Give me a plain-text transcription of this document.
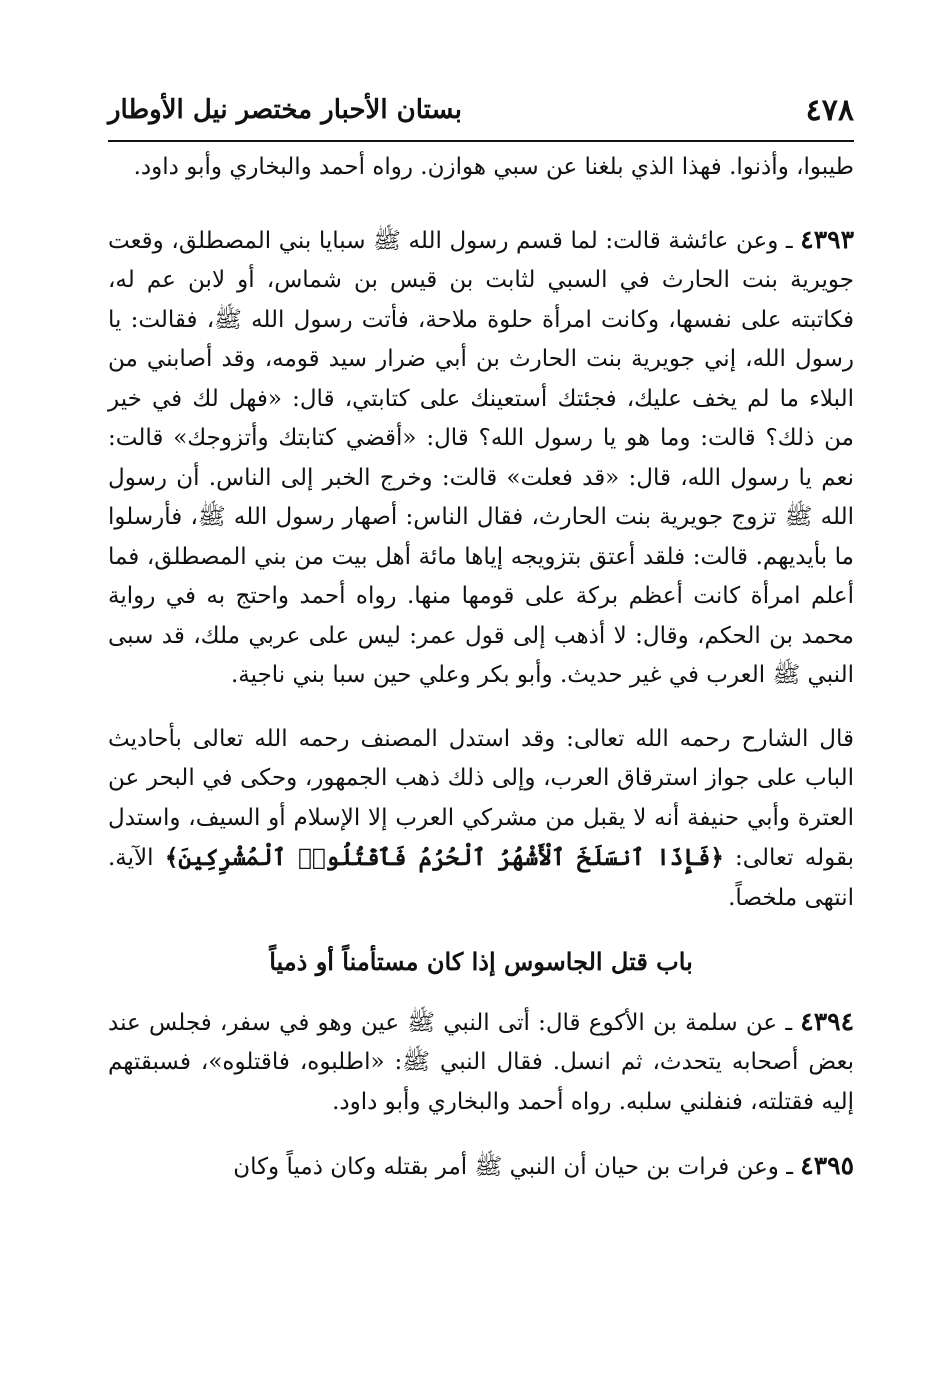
٤٧٨
بستان الأحبار مختصر نيل الأوطار

طيبوا، وأذنوا. فهذا الذي بلغنا عن سبي هوازن. رواه أحمد والبخاري وأبو داود.

٤٣٩٣ ـ وعن عائشة قالت: لما قسم رسول الله ﷺ سبايا بني المصطلق، وقعت جويرية بنت الحارث في السبي لثابت بن قيس بن شماس، أو لابن عم له، فكاتبته على نفسها، وكانت امرأة حلوة ملاحة، فأتت رسول الله ﷺ، فقالت: يا رسول الله، إني جويرية بنت الحارث بن أبي ضرار سيد قومه، وقد أصابني من البلاء ما لم يخف عليك، فجئتك أستعينك على كتابتي، قال: «فهل لك في خير من ذلك؟ قالت: وما هو يا رسول الله؟ قال: «أقضي كتابتك وأتزوجك» قالت: نعم يا رسول الله، قال: «قد فعلت» قالت: وخرج الخبر إلى الناس. أن رسول الله ﷺ تزوج جويرية بنت الحارث، فقال الناس: أصهار رسول الله ﷺ، فأرسلوا ما بأيديهم. قالت: فلقد أعتق بتزويجه إياها مائة أهل بيت من بني المصطلق، فما أعلم امرأة كانت أعظم بركة على قومها منها. رواه أحمد واحتج به في رواية محمد بن الحكم، وقال: لا أذهب إلى قول عمر: ليس على عربي ملك، قد سبى النبي ﷺ العرب في غير حديث. وأبو بكر وعلي حين سبا بني ناجية.

قال الشارح رحمه الله تعالى: وقد استدل المصنف رحمه الله تعالى بأحاديث الباب على جواز استرقاق العرب، وإلى ذلك ذهب الجمهور، وحكى في البحر عن العترة وأبي حنيفة أنه لا يقبل من مشركي العرب إلا الإسلام أو السيف، واستدل بقوله تعالى: ﴿فَإِذَا ٱنسَلَخَ ٱلْأَشْهُرُ ٱلْحُرُمُ فَٱقْتُلُوا۟ ٱلْمُشْرِكِينَ﴾ الآية. انتهى ملخصاً.

باب قتل الجاسوس إذا كان مستأمناً أو ذمياً

٤٣٩٤ ـ عن سلمة بن الأكوع قال: أتى النبي ﷺ عين وهو في سفر، فجلس عند بعض أصحابه يتحدث، ثم انسل. فقال النبي ﷺ: «اطلبوه، فاقتلوه»، فسبقتهم إليه فقتلته، فنفلني سلبه. رواه أحمد والبخاري وأبو داود.

٤٣٩٥ ـ وعن فرات بن حيان أن النبي ﷺ أمر بقتله وكان ذمياً وكان
